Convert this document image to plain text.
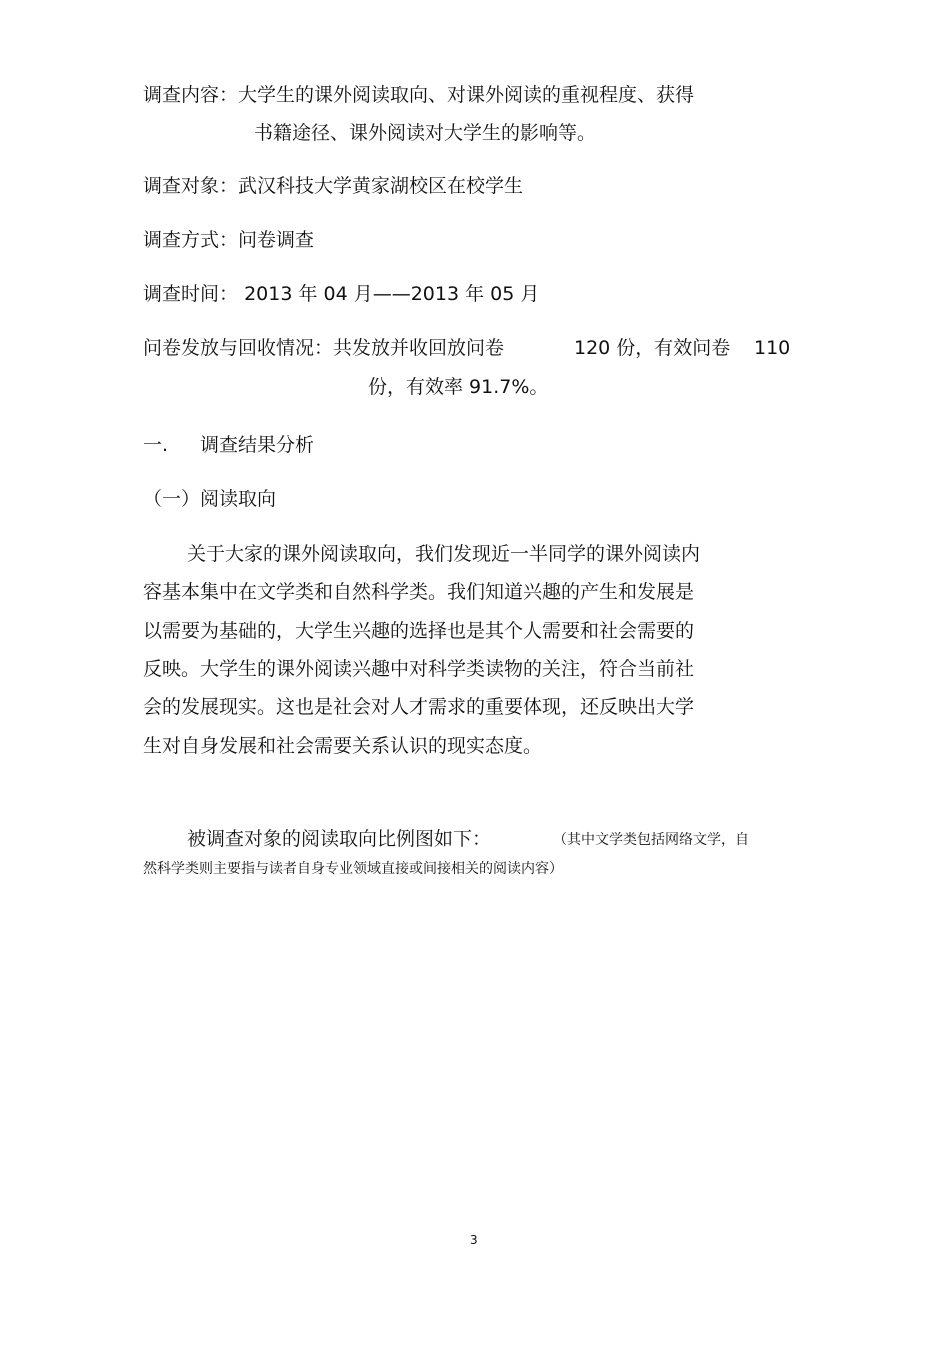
调查内容：大学生的课外阅读取向、对课外阅读的重视程度、获得
书籍途径、课外阅读对大学生的影响等。
调查对象：武汉科技大学黄家湖校区在校学生
调查方式：问卷调查
调查时间： 2013 年 04 月——2013 年 05 月
问卷发放与回收情况：共发放并收回放问卷	120 份，有效问卷 110
份，有效率 91.7%。
一. 调查结果分析
（一）阅读取向
关于大家的课外阅读取向，我们发现近一半同学的课外阅读内
容基本集中在文学类和自然科学类。我们知道兴趣的产生和发展是
以需要为基础的，大学生兴趣的选择也是其个人需要和社会需要的
反映。大学生的课外阅读兴趣中对科学类读物的关注，符合当前社
会的发展现实。这也是社会对人才需求的重要体现，还反映出大学
生对自身发展和社会需要关系认识的现实态度。
被调查对象的阅读取向比例图如下：	（其中文学类包括网络文学，自
然科学类则主要指与读者自身专业领域直接或间接相关的阅读内容）
3
